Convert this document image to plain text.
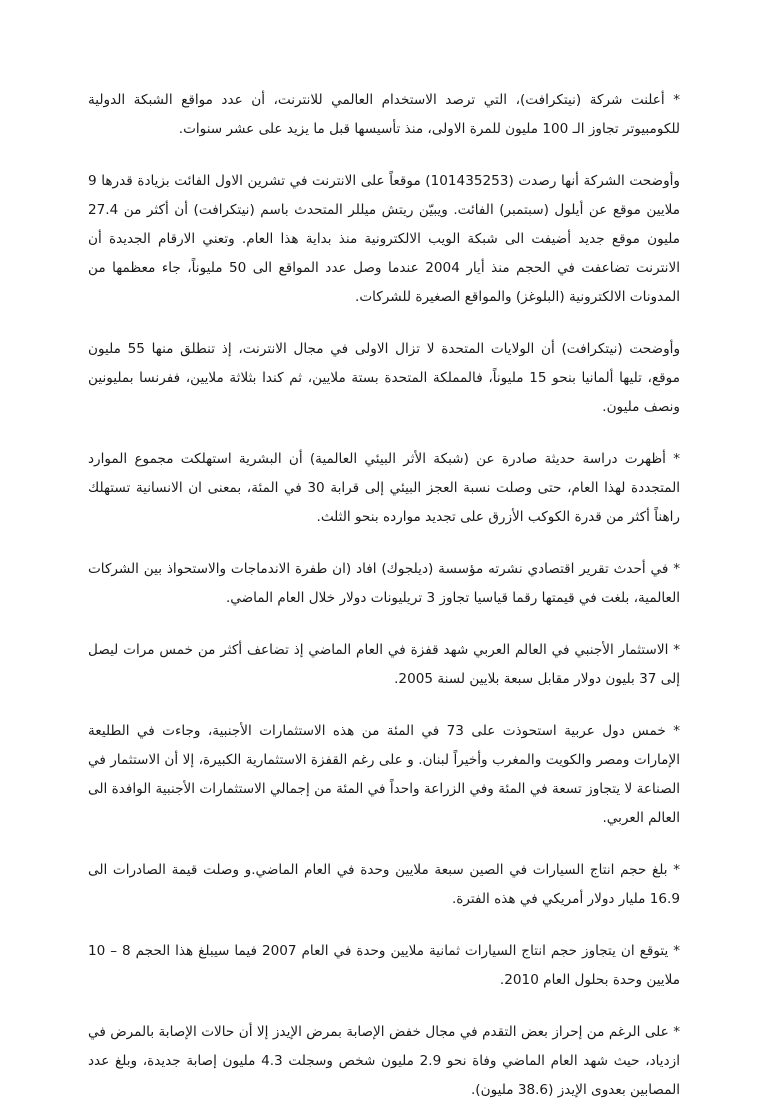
* أعلنت شركة (نيتكرافت)، التي ترصد الاستخدام العالمي للانترنت، أن عدد مواقع الشبكة الدولية للكومبيوتر تجاوز الـ 100 مليون للمرة الاولى، منذ تأسيسها قبل ما يزيد على عشر سنوات.

وأوضحت الشركة أنها رصدت (101435253) موقعاً على الانترنت في تشرين الاول الفائت بزيادة قدرها 9 ملايين موقع عن أيلول (سبتمبر) الفائت. ويبيّن ريتش ميللر المتحدث باسم (نيتكرافت) أن أكثر من 27.4 مليون موقع جديد أضيفت الى شبكة الويب الالكترونية منذ بداية هذا العام. وتعني الارقام الجديدة أن الانترنت تضاعفت في الحجم منذ أيار 2004 عندما وصل عدد المواقع الى 50 مليوناً، جاء معظمها من المدونات الالكترونية (البلوغز) والمواقع الصغيرة للشركات.

وأوضحت (نيتكرافت) أن الولايات المتحدة لا تزال الاولى في مجال الانترنت، إذ تنطلق منها 55 مليون موقع، تليها ألمانيا بنحو 15 مليوناً، فالمملكة المتحدة بستة ملايين، ثم كندا بثلاثة ملايين، ففرنسا بمليونين ونصف مليون.

* أظهرت دراسة حديثة صادرة عن (شبكة الأثر البيئي العالمية) أن البشرية استهلكت مجموع الموارد المتجددة لهذا العام، حتى وصلت نسبة العجز البيئي إلى قرابة 30 في المئة، بمعنى ان الانسانية تستهلك راهناً أكثر من قدرة الكوكب الأزرق على تجديد موارده بنحو الثلث.

* في أحدث تقرير اقتصادي نشرته مؤسسة (ديلجوك) افاد (ان طفرة الاندماجات والاستحواذ بين الشركات العالمية، بلغت في قيمتها رقما قياسيا تجاوز 3 تريليونات دولار خلال العام الماضي.

* الاستثمار الأجنبي في العالم العربي شهد قفزة في العام الماضي إذ تضاعف أكثر من خمس مرات ليصل إلى 37 بليون دولار مقابل سبعة بلايين لسنة 2005.

* خمس دول عربية استحوذت على 73 في المئة من هذه الاستثمارات الأجنبية، وجاءت في الطليعة الإمارات ومصر والكويت والمغرب وأخيراً لبنان. و على رغم القفزة الاستثمارية الكبيرة، إلا أن الاستثمار في الصناعة لا يتجاوز تسعة في المئة وفي الزراعة واحداً في المئة من إجمالي الاستثمارات الأجنبية الوافدة الى العالم العربي.

* بلغ حجم انتاج السيارات في الصين سبعة ملايين وحدة في العام الماضي.و وصلت قيمة الصادرات الى 16.9 مليار دولار أمريكي في هذه الفترة.

* يتوقع ان يتجاوز حجم انتاج السيارات ثمانية ملايين وحدة في العام 2007 فيما سيبلغ هذا الحجم 8 – 10 ملايين وحدة بحلول العام 2010.

* على الرغم من إحراز بعض التقدم في مجال خفض الإصابة بمرض الإيدز إلا أن حالات الإصابة بالمرض في ازدياد، حيث شهد العام الماضي وفاة نحو 2.9 مليون شخص وسجلت 4.3 مليون إصابة جديدة، وبلغ عدد المصابين بعدوى الإيدز (38.6 مليون).
